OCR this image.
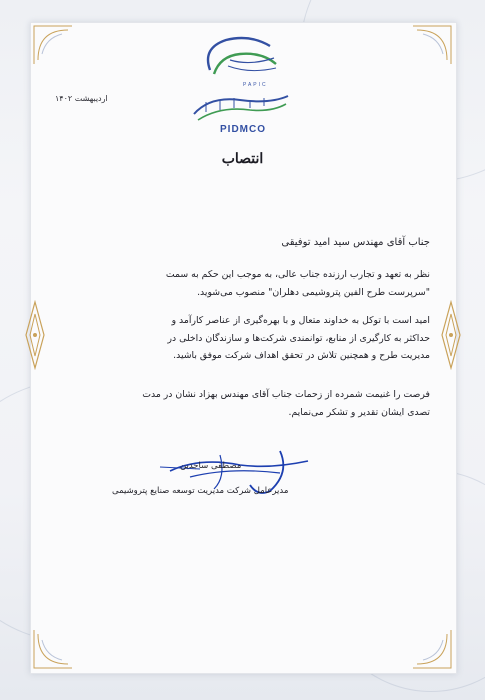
PAPIC
PIDMCO
اردیبهشت ۱۴۰۲
انتصاب
جناب آقای مهندس سید امید توفیقی
نظر به تعهد و تجارب ارزنده جناب عالی، به موجب این حکم به سمت
"سرپرست طرح الفین پتروشیمی دهلران" منصوب می‌شوید.
امید است با توکل به خداوند متعال و با بهره‌گیری از عناصر کارآمد و
حداکثر به کارگیری از منابع، توانمندی شرکت‌ها و سازندگان داخلی در
مدیریت طرح و همچنین تلاش در تحقق اهداف شرکت موفق باشید.
فرصت را غنیمت شمرده از زحمات جناب آقای مهندس بهزاد نشان در مدت
تصدی ایشان تقدیر و تشکر می‌نمایم.
مصطفی ساجدین
مدیرعامل شرکت مدیریت توسعه صنایع پتروشیمی
